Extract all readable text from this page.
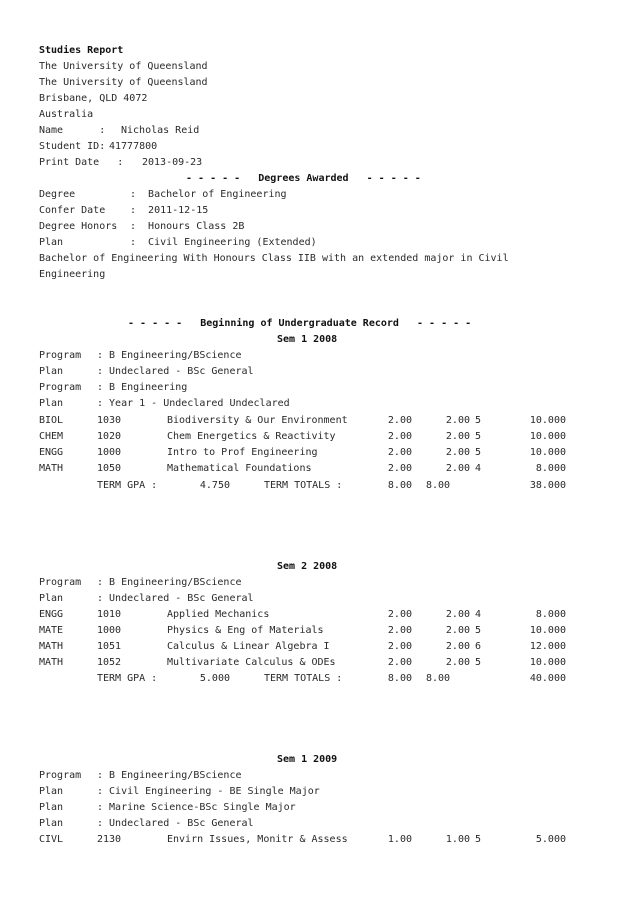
Studies Report
The University of Queensland
The University of Queensland
Brisbane, QLD 4072
Australia
Name      : Nicholas Reid
Student ID: 41777800
Print Date   : 2013-09-23
- - - - -   Degrees Awarded   - - - - -
Degree	:  Bachelor of Engineering
Confer Date :  2011-12-15
Degree Honors :  Honours Class 2B
Plan	:  Civil Engineering (Extended)
Bachelor of Engineering With Honours Class IIB with an extended major in Civil
Engineering
- - - - -   Beginning of Undergraduate Record   - - - - -
Sem 1 2008
Program : B Engineering/BScience
Plan	: Undeclared - BSc General
Program : B Engineering
Plan	: Year 1 - Undeclared Undeclared
BIOL	1030	Biodiversity & Our Environment	2.00	2.00 5	10.000
CHEM	1020	Chem Energetics & Reactivity	2.00	2.00 5	10.000
ENGG	1000	Intro to Prof Engineering	2.00	2.00 5	10.000
MATH	1050	Mathematical Foundations	2.00	2.00 4	8.000
TERM GPA :	4.750	TERM TOTALS :	8.00 8.00	38.000
Sem 2 2008
Program : B Engineering/BScience
Plan	: Undeclared - BSc General
ENGG	1010	Applied Mechanics	2.00	2.00 4	8.000
MATE	1000	Physics & Eng of Materials	2.00	2.00 5	10.000
MATH	1051	Calculus & Linear Algebra I	2.00	2.00 6	12.000
MATH	1052	Multivariate Calculus & ODEs	2.00	2.00 5	10.000
TERM GPA :	5.000	TERM TOTALS :	8.00 8.00	40.000
Sem 1 2009
Program : B Engineering/BScience
Plan	: Civil Engineering - BE Single Major
Plan	: Marine Science-BSc Single Major
Plan	: Undeclared - BSc General
CIVL	2130	Envirn Issues, Monitr & Assess	1.00	1.00 5	5.000
